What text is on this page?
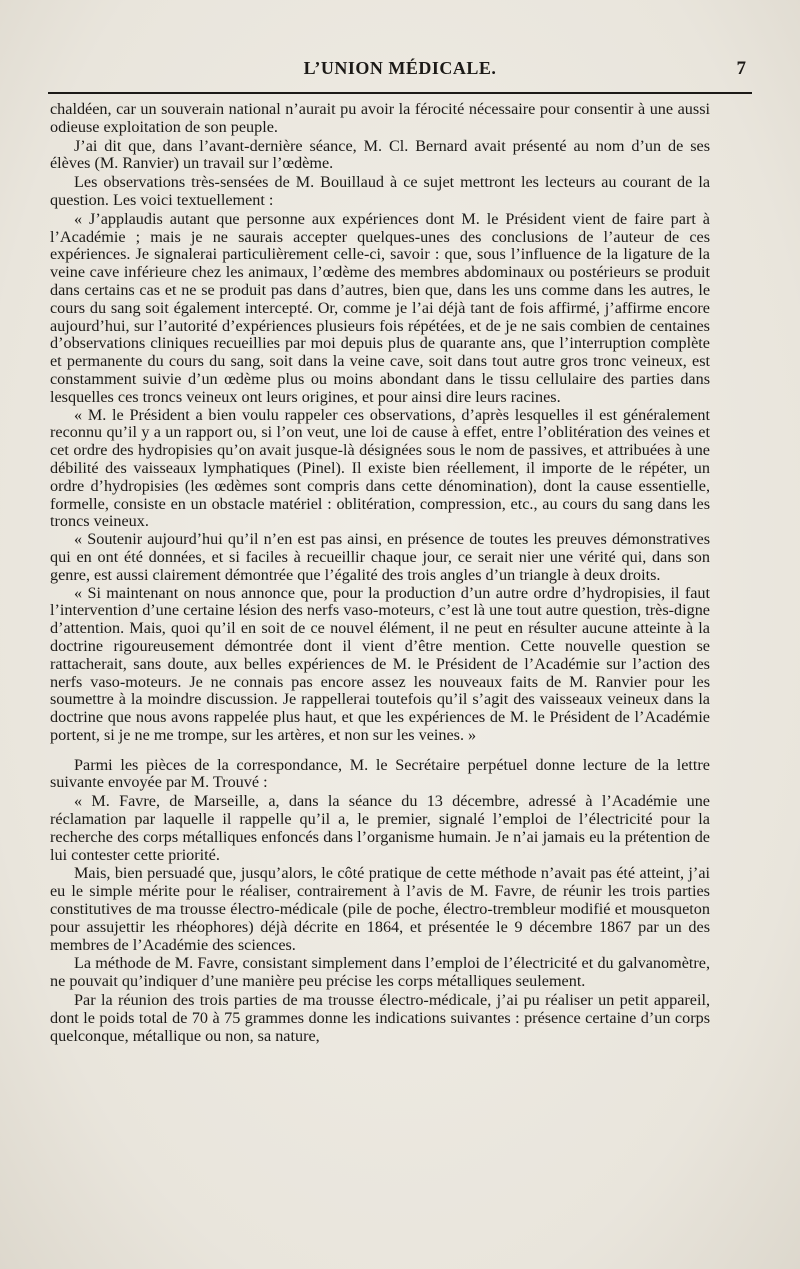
L’UNION MÉDICALE.	7

chaldéen, car un souverain national n’aurait pu avoir la férocité nécessaire pour consentir à une aussi odieuse exploitation de son peuple.

J’ai dit que, dans l’avant-dernière séance, M. Cl. Bernard avait présenté au nom d’un de ses élèves (M. Ranvier) un travail sur l’œdème.

Les observations très-sensées de M. Bouillaud à ce sujet mettront les lecteurs au courant de la question. Les voici textuellement :

« J’applaudis autant que personne aux expériences dont M. le Président vient de faire part à l’Académie ; mais je ne saurais accepter quelques-unes des conclusions de l’auteur de ces expériences. Je signalerai particulièrement celle-ci, savoir : que, sous l’influence de la ligature de la veine cave inférieure chez les animaux, l’œdème des membres abdominaux ou postérieurs se produit dans certains cas et ne se produit pas dans d’autres, bien que, dans les uns comme dans les autres, le cours du sang soit également intercepté. Or, comme je l’ai déjà tant de fois affirmé, j’affirme encore aujourd’hui, sur l’autorité d’expériences plusieurs fois répétées, et de je ne sais combien de centaines d’observations cliniques recueillies par moi depuis plus de quarante ans, que l’interruption complète et permanente du cours du sang, soit dans la veine cave, soit dans tout autre gros tronc veineux, est constamment suivie d’un œdème plus ou moins abondant dans le tissu cellulaire des parties dans lesquelles ces troncs veineux ont leurs origines, et pour ainsi dire leurs racines.

« M. le Président a bien voulu rappeler ces observations, d’après lesquelles il est généralement reconnu qu’il y a un rapport ou, si l’on veut, une loi de cause à effet, entre l’oblitération des veines et cet ordre des hydropisies qu’on avait jusque-là désignées sous le nom de passives, et attribuées à une débilité des vaisseaux lymphatiques (Pinel). Il existe bien réellement, il importe de le répéter, un ordre d’hydropisies (les œdèmes sont compris dans cette dénomination), dont la cause essentielle, formelle, consiste en un obstacle matériel : oblitération, compression, etc., au cours du sang dans les troncs veineux.

« Soutenir aujourd’hui qu’il n’en est pas ainsi, en présence de toutes les preuves démonstratives qui en ont été données, et si faciles à recueillir chaque jour, ce serait nier une vérité qui, dans son genre, est aussi clairement démontrée que l’égalité des trois angles d’un triangle à deux droits.

« Si maintenant on nous annonce que, pour la production d’un autre ordre d’hydropisies, il faut l’intervention d’une certaine lésion des nerfs vaso-moteurs, c’est là une tout autre question, très-digne d’attention. Mais, quoi qu’il en soit de ce nouvel élément, il ne peut en résulter aucune atteinte à la doctrine rigoureusement démontrée dont il vient d’être mention. Cette nouvelle question se rattacherait, sans doute, aux belles expériences de M. le Président de l’Académie sur l’action des nerfs vaso-moteurs. Je ne connais pas encore assez les nouveaux faits de M. Ranvier pour les soumettre à la moindre discussion. Je rappellerai toutefois qu’il s’agit des vaisseaux veineux dans la doctrine que nous avons rappelée plus haut, et que les expériences de M. le Président de l’Académie portent, si je ne me trompe, sur les artères, et non sur les veines. »

Parmi les pièces de la correspondance, M. le Secrétaire perpétuel donne lecture de la lettre suivante envoyée par M. Trouvé :

« M. Favre, de Marseille, a, dans la séance du 13 décembre, adressé à l’Académie une réclamation par laquelle il rappelle qu’il a, le premier, signalé l’emploi de l’électricité pour la recherche des corps métalliques enfoncés dans l’organisme humain. Je n’ai jamais eu la prétention de lui contester cette priorité.

Mais, bien persuadé que, jusqu’alors, le côté pratique de cette méthode n’avait pas été atteint, j’ai eu le simple mérite pour le réaliser, contrairement à l’avis de M. Favre, de réunir les trois parties constitutives de ma trousse électro-médicale (pile de poche, électro-trembleur modifié et mousqueton pour assujettir les rhéophores) déjà décrite en 1864, et présentée le 9 décembre 1867 par un des membres de l’Académie des sciences.

La méthode de M. Favre, consistant simplement dans l’emploi de l’électricité et du galvanomètre, ne pouvait qu’indiquer d’une manière peu précise les corps métalliques seulement.

Par la réunion des trois parties de ma trousse électro-médicale, j’ai pu réaliser un petit appareil, dont le poids total de 70 à 75 grammes donne les indications suivantes : présence certaine d’un corps quelconque, métallique ou non, sa nature,
